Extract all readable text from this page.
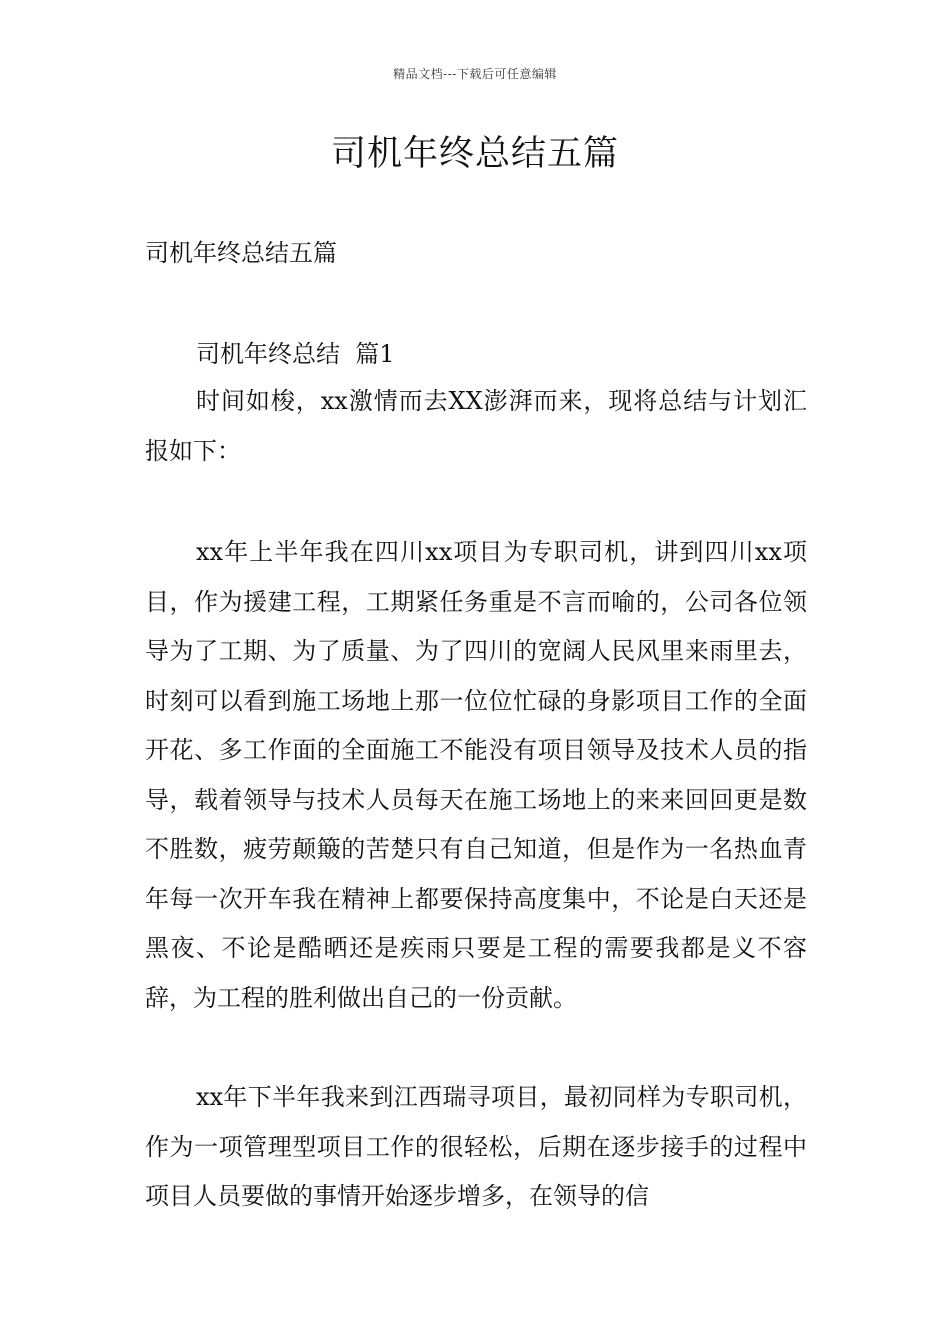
精品文档---下载后可任意编辑
司机年终总结五篇

司机年终总结五篇

司机年终总结  篇1

时间如梭，xx激情而去XX澎湃而来，现将总结与计划汇报如下：

xx年上半年我在四川xx项目为专职司机，讲到四川xx项目，作为援建工程，工期紧任务重是不言而喻的，公司各位领导为了工期、为了质量、为了四川的宽阔人民风里来雨里去，时刻可以看到施工场地上那一位位忙碌的身影项目工作的全面开花、多工作面的全面施工不能没有项目领导及技术人员的指导，载着领导与技术人员每天在施工场地上的来来回回更是数不胜数，疲劳颠簸的苦楚只有自己知道，但是作为一名热血青年每一次开车我在精神上都要保持高度集中，不论是白天还是黑夜、不论是酷晒还是疾雨只要是工程的需要我都是义不容辞，为工程的胜利做出自己的一份贡献。

xx年下半年我来到江西瑞寻项目，最初同样为专职司机，作为一项管理型项目工作的很轻松，后期在逐步接手的过程中项目人员要做的事情开始逐步增多，在领导的信
